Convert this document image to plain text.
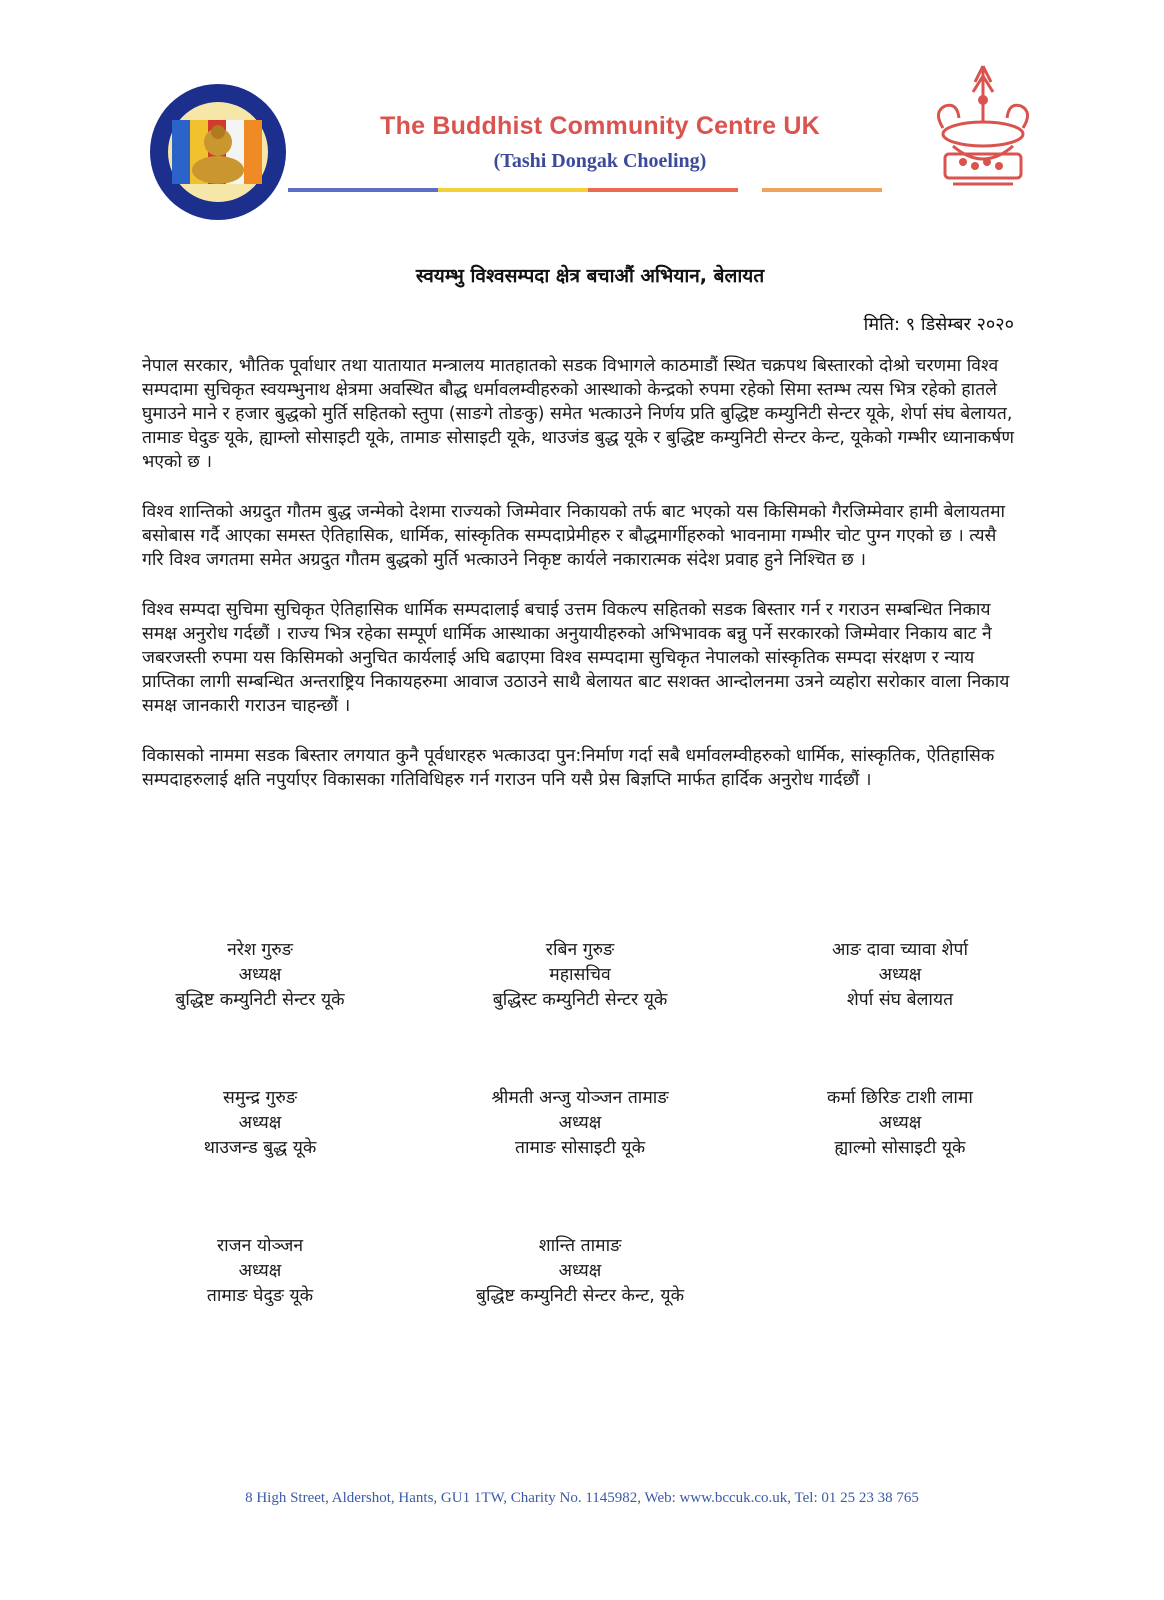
The Buddhist Community Centre UK
(Tashi Dongak Choeling)
स्वयम्भु विश्वसम्पदा क्षेत्र बचाऔं अभियान, बेलायत
मिति: ९ डिसेम्बर २०२०

नेपाल सरकार, भौतिक पूर्वाधार तथा यातायात मन्त्रालय मातहातको सडक विभागले काठमाडौं स्थित चक्रपथ बिस्तारको दोश्रो चरणमा विश्व सम्पदामा सुचिकृत स्वयम्भुनाथ क्षेत्रमा अवस्थित बौद्ध धर्मावलम्वीहरुको आस्थाको केन्द्रको रुपमा रहेको सिमा स्तम्भ त्यस भित्र रहेको हातले घुमाउने माने र हजार बुद्धको मुर्ति सहितको स्तुपा (साङगे तोङकु) समेत भत्काउने निर्णय प्रति बुद्धिष्ट कम्युनिटी सेन्टर यूके, शेर्पा संघ बेलायत, तामाङ घेदुङ यूके, ह्याम्लो सोसाइटी यूके, तामाङ सोसाइटी यूके, थाउजंड बुद्ध यूके र बुद्धिष्ट कम्युनिटी सेन्टर केन्ट, यूकेको गम्भीर ध्यानाकर्षण भएको छ ।

विश्व शान्तिको अग्रदुत गौतम बुद्ध जन्मेको देशमा राज्यको जिम्मेवार निकायको तर्फ बाट भएको यस किसिमको गैरजिम्मेवार हामी बेलायतमा बसोबास गर्दै आएका समस्त ऐतिहासिक, धार्मिक, सांस्कृतिक सम्पदाप्रेमीहरु र बौद्धमार्गीहरुको भावनामा गम्भीर चोट पुग्न गएको छ । त्यसै गरि विश्व जगतमा समेत अग्रदुत गौतम बुद्धको मुर्ति भत्काउने निकृष्ट कार्यले नकारात्मक संदेश प्रवाह हुने निश्चित छ ।

विश्व सम्पदा सुचिमा सुचिकृत ऐतिहासिक धार्मिक सम्पदालाई बचाई उत्तम विकल्प सहितको सडक बिस्तार गर्न र गराउन सम्बन्धित निकाय समक्ष अनुरोध गर्दछौं । राज्य भित्र रहेका सम्पूर्ण धार्मिक आस्थाका अनुयायीहरुको अभिभावक बन्नु पर्ने सरकारको जिम्मेवार निकाय बाट नै जबरजस्ती रुपमा यस किसिमको अनुचित कार्यलाई अघि बढाएमा विश्व सम्पदामा सुचिकृत नेपालको सांस्कृतिक सम्पदा संरक्षण र न्याय प्राप्तिका लागी सम्बन्धित अन्तराष्ट्रिय निकायहरुमा आवाज उठाउने साथै बेलायत बाट सशक्त आन्दोलनमा उत्रने व्यहोरा सरोकार वाला निकाय समक्ष जानकारी गराउन चाहन्छौं ।

विकासको नाममा सडक बिस्तार लगयात कुनै पूर्वधारहरु भत्काउदा पुन:निर्माण गर्दा सबै धर्मावलम्वीहरुको धार्मिक, सांस्कृतिक, ऐतिहासिक सम्पदाहरुलाई क्षति नपुर्याएर विकासका गतिविधिहरु गर्न गराउन पनि यसै प्रेस बिज्ञप्ति मार्फत हार्दिक अनुरोध गार्दछौं ।

नरेश गुरुङ
अध्यक्ष
बुद्धिष्ट कम्युनिटी सेन्टर यूके
रबिन गुरुङ
महासचिव
बुद्धिस्ट कम्युनिटी सेन्टर यूके
आङ दावा च्यावा शेर्पा
अध्यक्ष
शेर्पा संघ बेलायत
समुन्द्र गुरुङ
अध्यक्ष
थाउजन्ड बुद्ध यूके
श्रीमती अन्जु योञ्जन तामाङ
अध्यक्ष
तामाङ सोसाइटी यूके
कर्मा छिरिङ टाशी लामा
अध्यक्ष
ह्याल्मो सोसाइटी यूके
राजन योञ्जन
अध्यक्ष
तामाङ घेदुङ यूके
शान्ति तामाङ
अध्यक्ष
बुद्धिष्ट कम्युनिटी सेन्टर केन्ट, यूके
8 High Street, Aldershot, Hants, GU1 1TW, Charity No. 1145982, Web: www.bccuk.co.uk, Tel: 01 25 23 38 765
